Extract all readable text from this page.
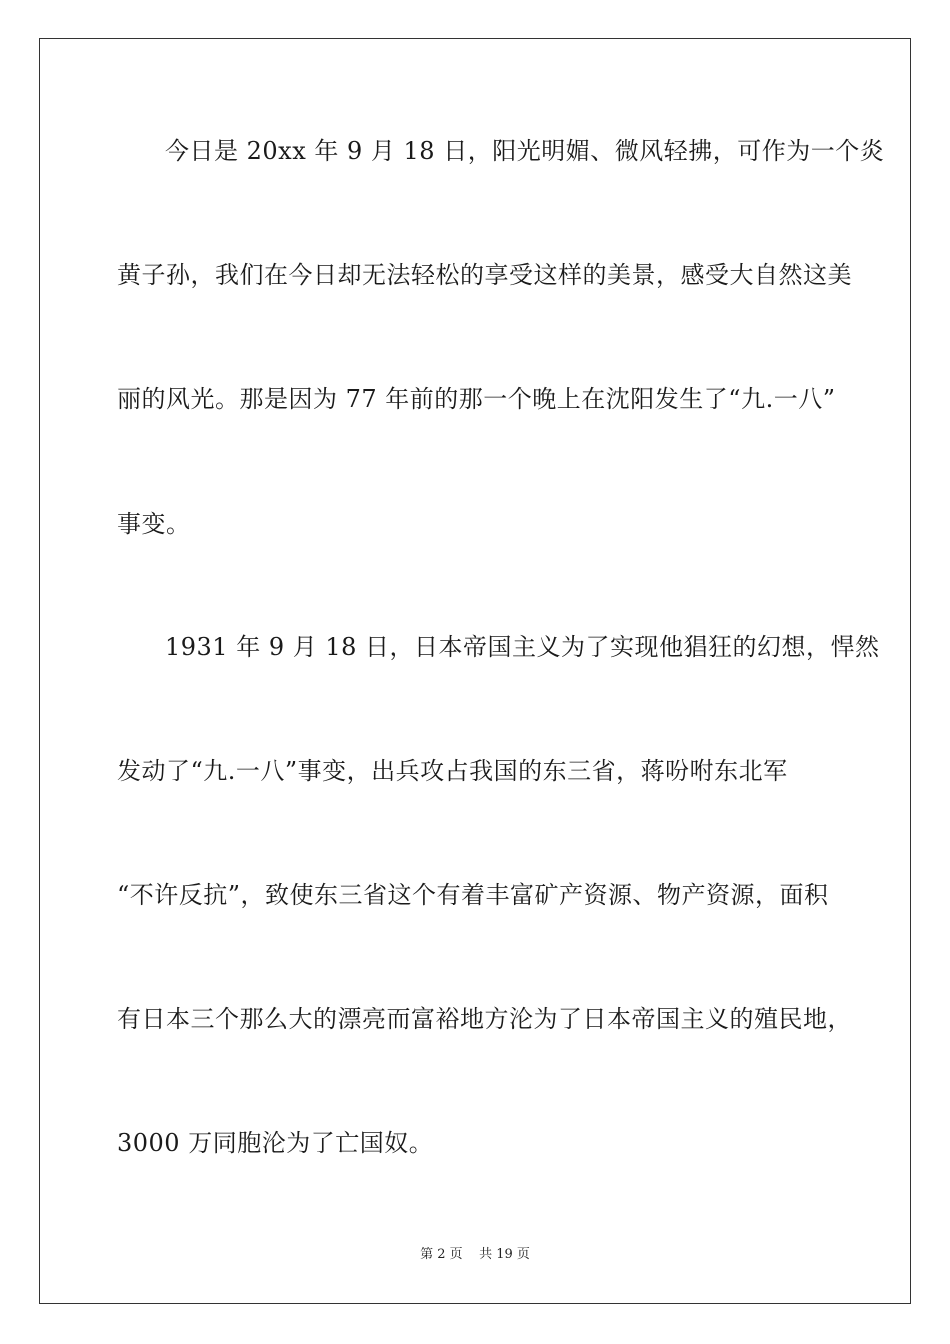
今日是 20xx 年 9 月 18 日，阳光明媚、微风轻拂，可作为一个炎
黄子孙，我们在今日却无法轻松的享受这样的美景，感受大自然这美
丽的风光。那是因为 77 年前的那一个晚上在沈阳发生了“九.一八”
事变。
1931 年 9 月 18 日，日本帝国主义为了实现他猖狂的幻想，悍然
发动了“九.一八”事变，出兵攻占我国的东三省，蒋吩咐东北军
“不许反抗”，致使东三省这个有着丰富矿产资源、物产资源，面积
有日本三个那么大的漂亮而富裕地方沦为了日本帝国主义的殖民地，
3000 万同胞沦为了亡国奴。
第 2 页    共 19 页
